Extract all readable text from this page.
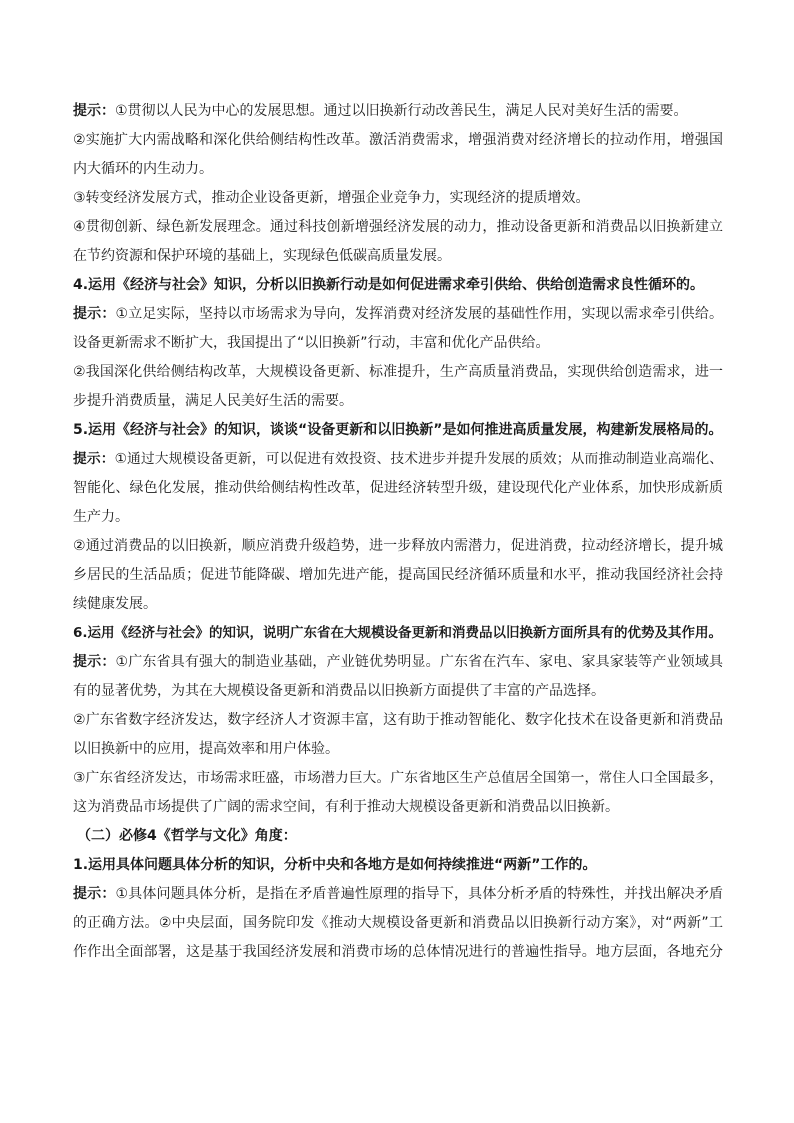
提示：①贯彻以人民为中心的发展思想。通过以旧换新行动改善民生，满足人民对美好生活的需要。
②实施扩大内需战略和深化供给侧结构性改革。激活消费需求，增强消费对经济增长的拉动作用，增强国
内大循环的内生动力。
③转变经济发展方式，推动企业设备更新，增强企业竞争力，实现经济的提质增效。
④贯彻创新、绿色新发展理念。通过科技创新增强经济发展的动力，推动设备更新和消费品以旧换新建立
在节约资源和保护环境的基础上，实现绿色低碳高质量发展。
4.运用《经济与社会》知识，分析以旧换新行动是如何促进需求牵引供给、供给创造需求良性循环的。
提示：①立足实际，坚持以市场需求为导向，发挥消费对经济发展的基础性作用，实现以需求牵引供给。
设备更新需求不断扩大，我国提出了“以旧换新”行动，丰富和优化产品供给。
②我国深化供给侧结构改革，大规模设备更新、标准提升，生产高质量消费品，实现供给创造需求，进一
步提升消费质量，满足人民美好生活的需要。
5.运用《经济与社会》的知识，谈谈“设备更新和以旧换新”是如何推进高质量发展，构建新发展格局的。
提示：①通过大规模设备更新，可以促进有效投资、技术进步并提升发展的质效；从而推动制造业高端化、
智能化、绿色化发展，推动供给侧结构性改革，促进经济转型升级，建设现代化产业体系，加快形成新质
生产力。
②通过消费品的以旧换新，顺应消费升级趋势，进一步释放内需潜力，促进消费，拉动经济增长，提升城
乡居民的生活品质；促进节能降碳、增加先进产能，提高国民经济循环质量和水平，推动我国经济社会持
续健康发展。
6.运用《经济与社会》的知识，说明广东省在大规模设备更新和消费品以旧换新方面所具有的优势及其作用。
提示：①广东省具有强大的制造业基础，产业链优势明显。广东省在汽车、家电、家具家装等产业领域具
有的显著优势，为其在大规模设备更新和消费品以旧换新方面提供了丰富的产品选择。
②广东省数字经济发达，数字经济人才资源丰富，这有助于推动智能化、数字化技术在设备更新和消费品
以旧换新中的应用，提高效率和用户体验。
③广东省经济发达，市场需求旺盛，市场潜力巨大。广东省地区生产总值居全国第一，常住人口全国最多，
这为消费品市场提供了广阔的需求空间，有利于推动大规模设备更新和消费品以旧换新。
（二）必修4《哲学与文化》角度：
1.运用具体问题具体分析的知识，分析中央和各地方是如何持续推进“两新”工作的。
提示：①具体问题具体分析，是指在矛盾普遍性原理的指导下，具体分析矛盾的特殊性，并找出解决矛盾
的正确方法。②中央层面，国务院印发《推动大规模设备更新和消费品以旧换新行动方案》，对“两新”工
作作出全面部署，这是基于我国经济发展和消费市场的总体情况进行的普遍性指导。地方层面，各地充分
